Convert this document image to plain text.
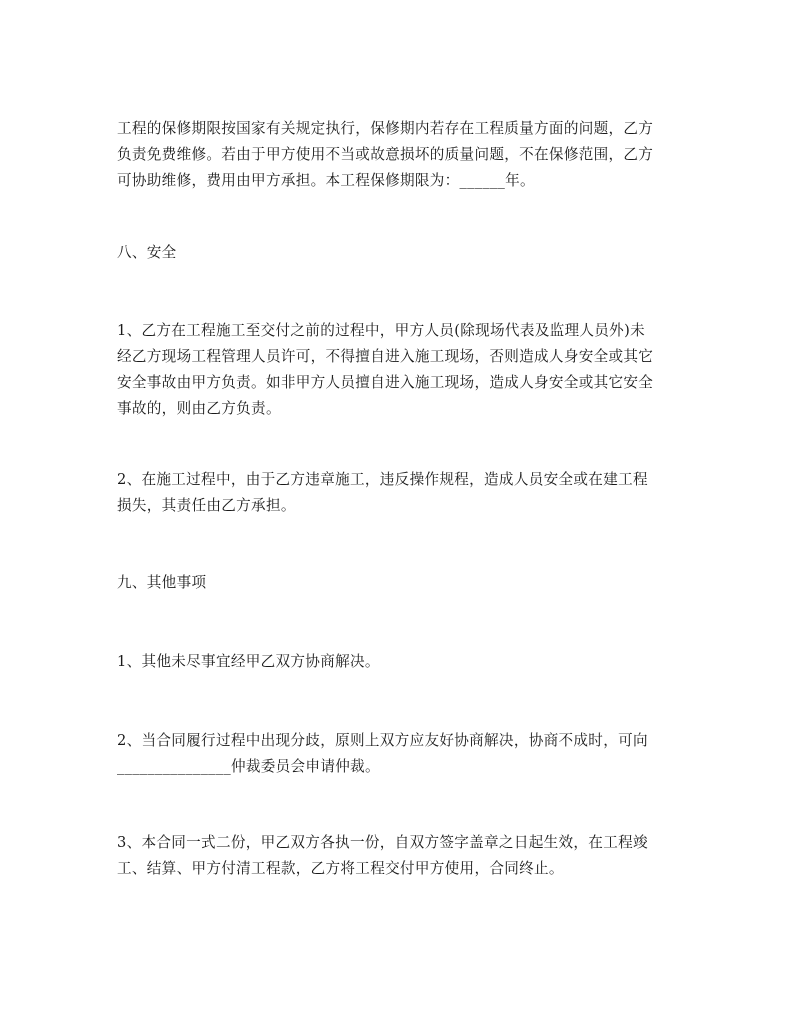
工程的保修期限按国家有关规定执行，保修期内若存在工程质量方面的问题，乙方
负责免费维修。若由于甲方使用不当或故意损坏的质量问题，不在保修范围，乙方
可协助维修，费用由甲方承担。本工程保修期限为：______年。

八、安全

1、乙方在工程施工至交付之前的过程中，甲方人员(除现场代表及监理人员外)未
经乙方现场工程管理人员许可，不得擅自进入施工现场，否则造成人身安全或其它
安全事故由甲方负责。如非甲方人员擅自进入施工现场，造成人身安全或其它安全
事故的，则由乙方负责。

2、在施工过程中，由于乙方违章施工，违反操作规程，造成人员安全或在建工程
损失，其责任由乙方承担。

九、其他事项

1、其他未尽事宜经甲乙双方协商解决。

2、当合同履行过程中出现分歧，原则上双方应友好协商解决，协商不成时，可向
_______________仲裁委员会申请仲裁。

3、本合同一式二份，甲乙双方各执一份，自双方签字盖章之日起生效，在工程竣
工、结算、甲方付清工程款，乙方将工程交付甲方使用，合同终止。
